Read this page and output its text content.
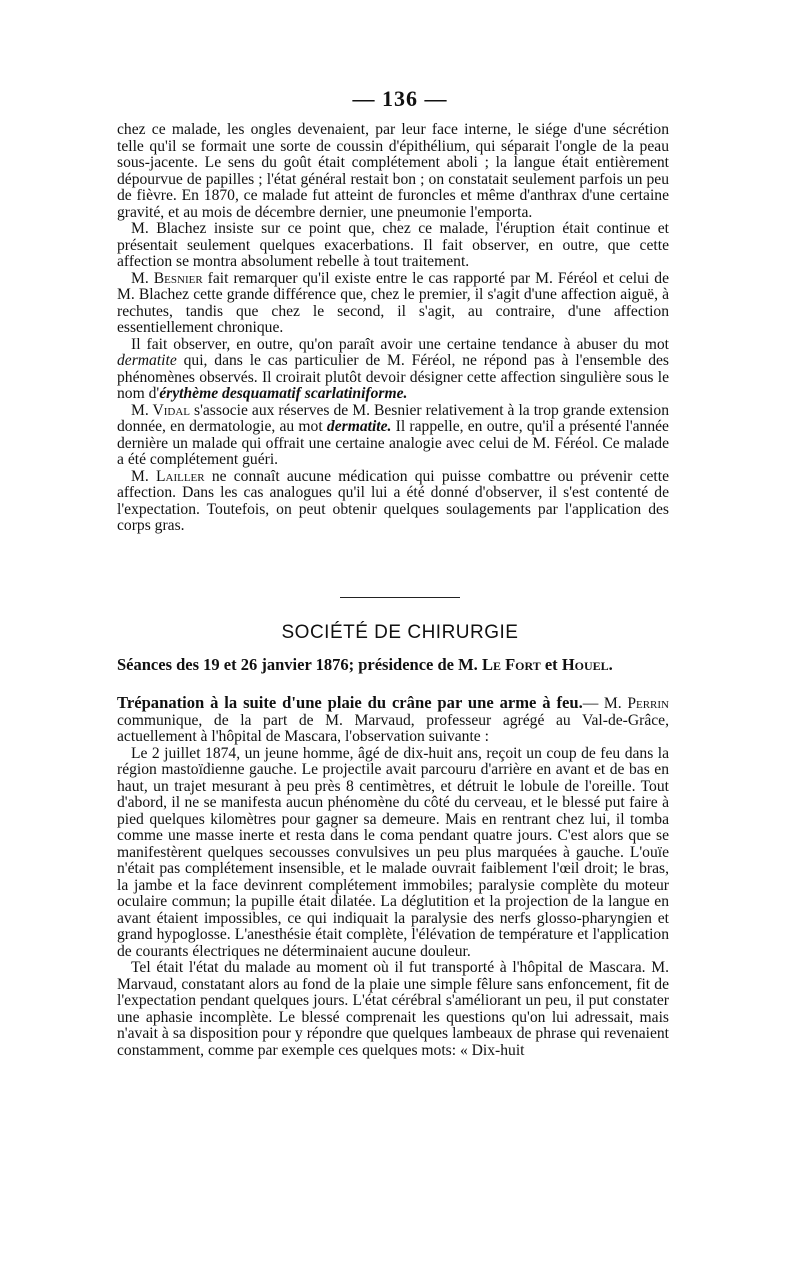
— 136 —

chez ce malade, les ongles devenaient, par leur face interne, le siége d'une sécrétion telle qu'il se formait une sorte de coussin d'épithélium, qui séparait l'ongle de la peau sous-jacente. Le sens du goût était complétement aboli ; la langue était entièrement dépourvue de papilles ; l'état général restait bon ; on constatait seulement parfois un peu de fièvre. En 1870, ce malade fut atteint de furoncles et même d'anthrax d'une certaine gravité, et au mois de décembre dernier, une pneumonie l'emporta.

M. Blachez insiste sur ce point que, chez ce malade, l'éruption était continue et présentait seulement quelques exacerbations. Il fait observer, en outre, que cette affection se montra absolument rebelle à tout traitement.

M. Besnier fait remarquer qu'il existe entre le cas rapporté par M. Féréol et celui de M. Blachez cette grande différence que, chez le premier, il s'agit d'une affection aiguë, à rechutes, tandis que chez le second, il s'agit, au contraire, d'une affection essentiellement chronique.

Il fait observer, en outre, qu'on paraît avoir une certaine tendance à abuser du mot dermatite qui, dans le cas particulier de M. Féréol, ne répond pas à l'ensemble des phénomènes observés. Il croirait plutôt devoir désigner cette affection singulière sous le nom d'érythème desquamatif scarlatiniforme.

M. Vidal s'associe aux réserves de M. Besnier relativement à la trop grande extension donnée, en dermatologie, au mot dermatite. Il rappelle, en outre, qu'il a présenté l'année dernière un malade qui offrait une certaine analogie avec celui de M. Féréol. Ce malade a été complétement guéri.

M. Lailler ne connaît aucune médication qui puisse combattre ou prévenir cette affection. Dans les cas analogues qu'il lui a été donné d'observer, il s'est contenté de l'expectation. Toutefois, on peut obtenir quelques soulagements par l'application des corps gras.

SOCIÉTÉ DE CHIRURGIE
Séances des 19 et 26 janvier 1876; présidence de M. Le Fort et Houel.

Trépanation à la suite d'une plaie du crâne par une arme à feu.— M. Perrin communique, de la part de M. Marvaud, professeur agrégé au Val-de-Grâce, actuellement à l'hôpital de Mascara, l'observation suivante :

Le 2 juillet 1874, un jeune homme, âgé de dix-huit ans, reçoit un coup de feu dans la région mastoïdienne gauche. Le projectile avait parcouru d'arrière en avant et de bas en haut, un trajet mesurant à peu près 8 centimètres, et détruit le lobule de l'oreille. Tout d'abord, il ne se manifesta aucun phénomène du côté du cerveau, et le blessé put faire à pied quelques kilomètres pour gagner sa demeure. Mais en rentrant chez lui, il tomba comme une masse inerte et resta dans le coma pendant quatre jours. C'est alors que se manifestèrent quelques secousses convulsives un peu plus marquées à gauche. L'ouïe n'était pas complétement insensible, et le malade ouvrait faiblement l'œil droit; le bras, la jambe et la face devinrent complétement immobiles; paralysie complète du moteur oculaire commun; la pupille était dilatée. La déglutition et la projection de la langue en avant étaient impossibles, ce qui indiquait la paralysie des nerfs glosso-pharyngien et grand hypoglosse. L'anesthésie était complète, l'élévation de température et l'application de courants électriques ne déterminaient aucune douleur.

Tel était l'état du malade au moment où il fut transporté à l'hôpital de Mascara. M. Marvaud, constatant alors au fond de la plaie une simple fêlure sans enfoncement, fit de l'expectation pendant quelques jours. L'état cérébral s'améliorant un peu, il put constater une aphasie incomplète. Le blessé comprenait les questions qu'on lui adressait, mais n'avait à sa disposition pour y répondre que quelques lambeaux de phrase qui revenaient constamment, comme par exemple ces quelques mots: « Dix-huit
